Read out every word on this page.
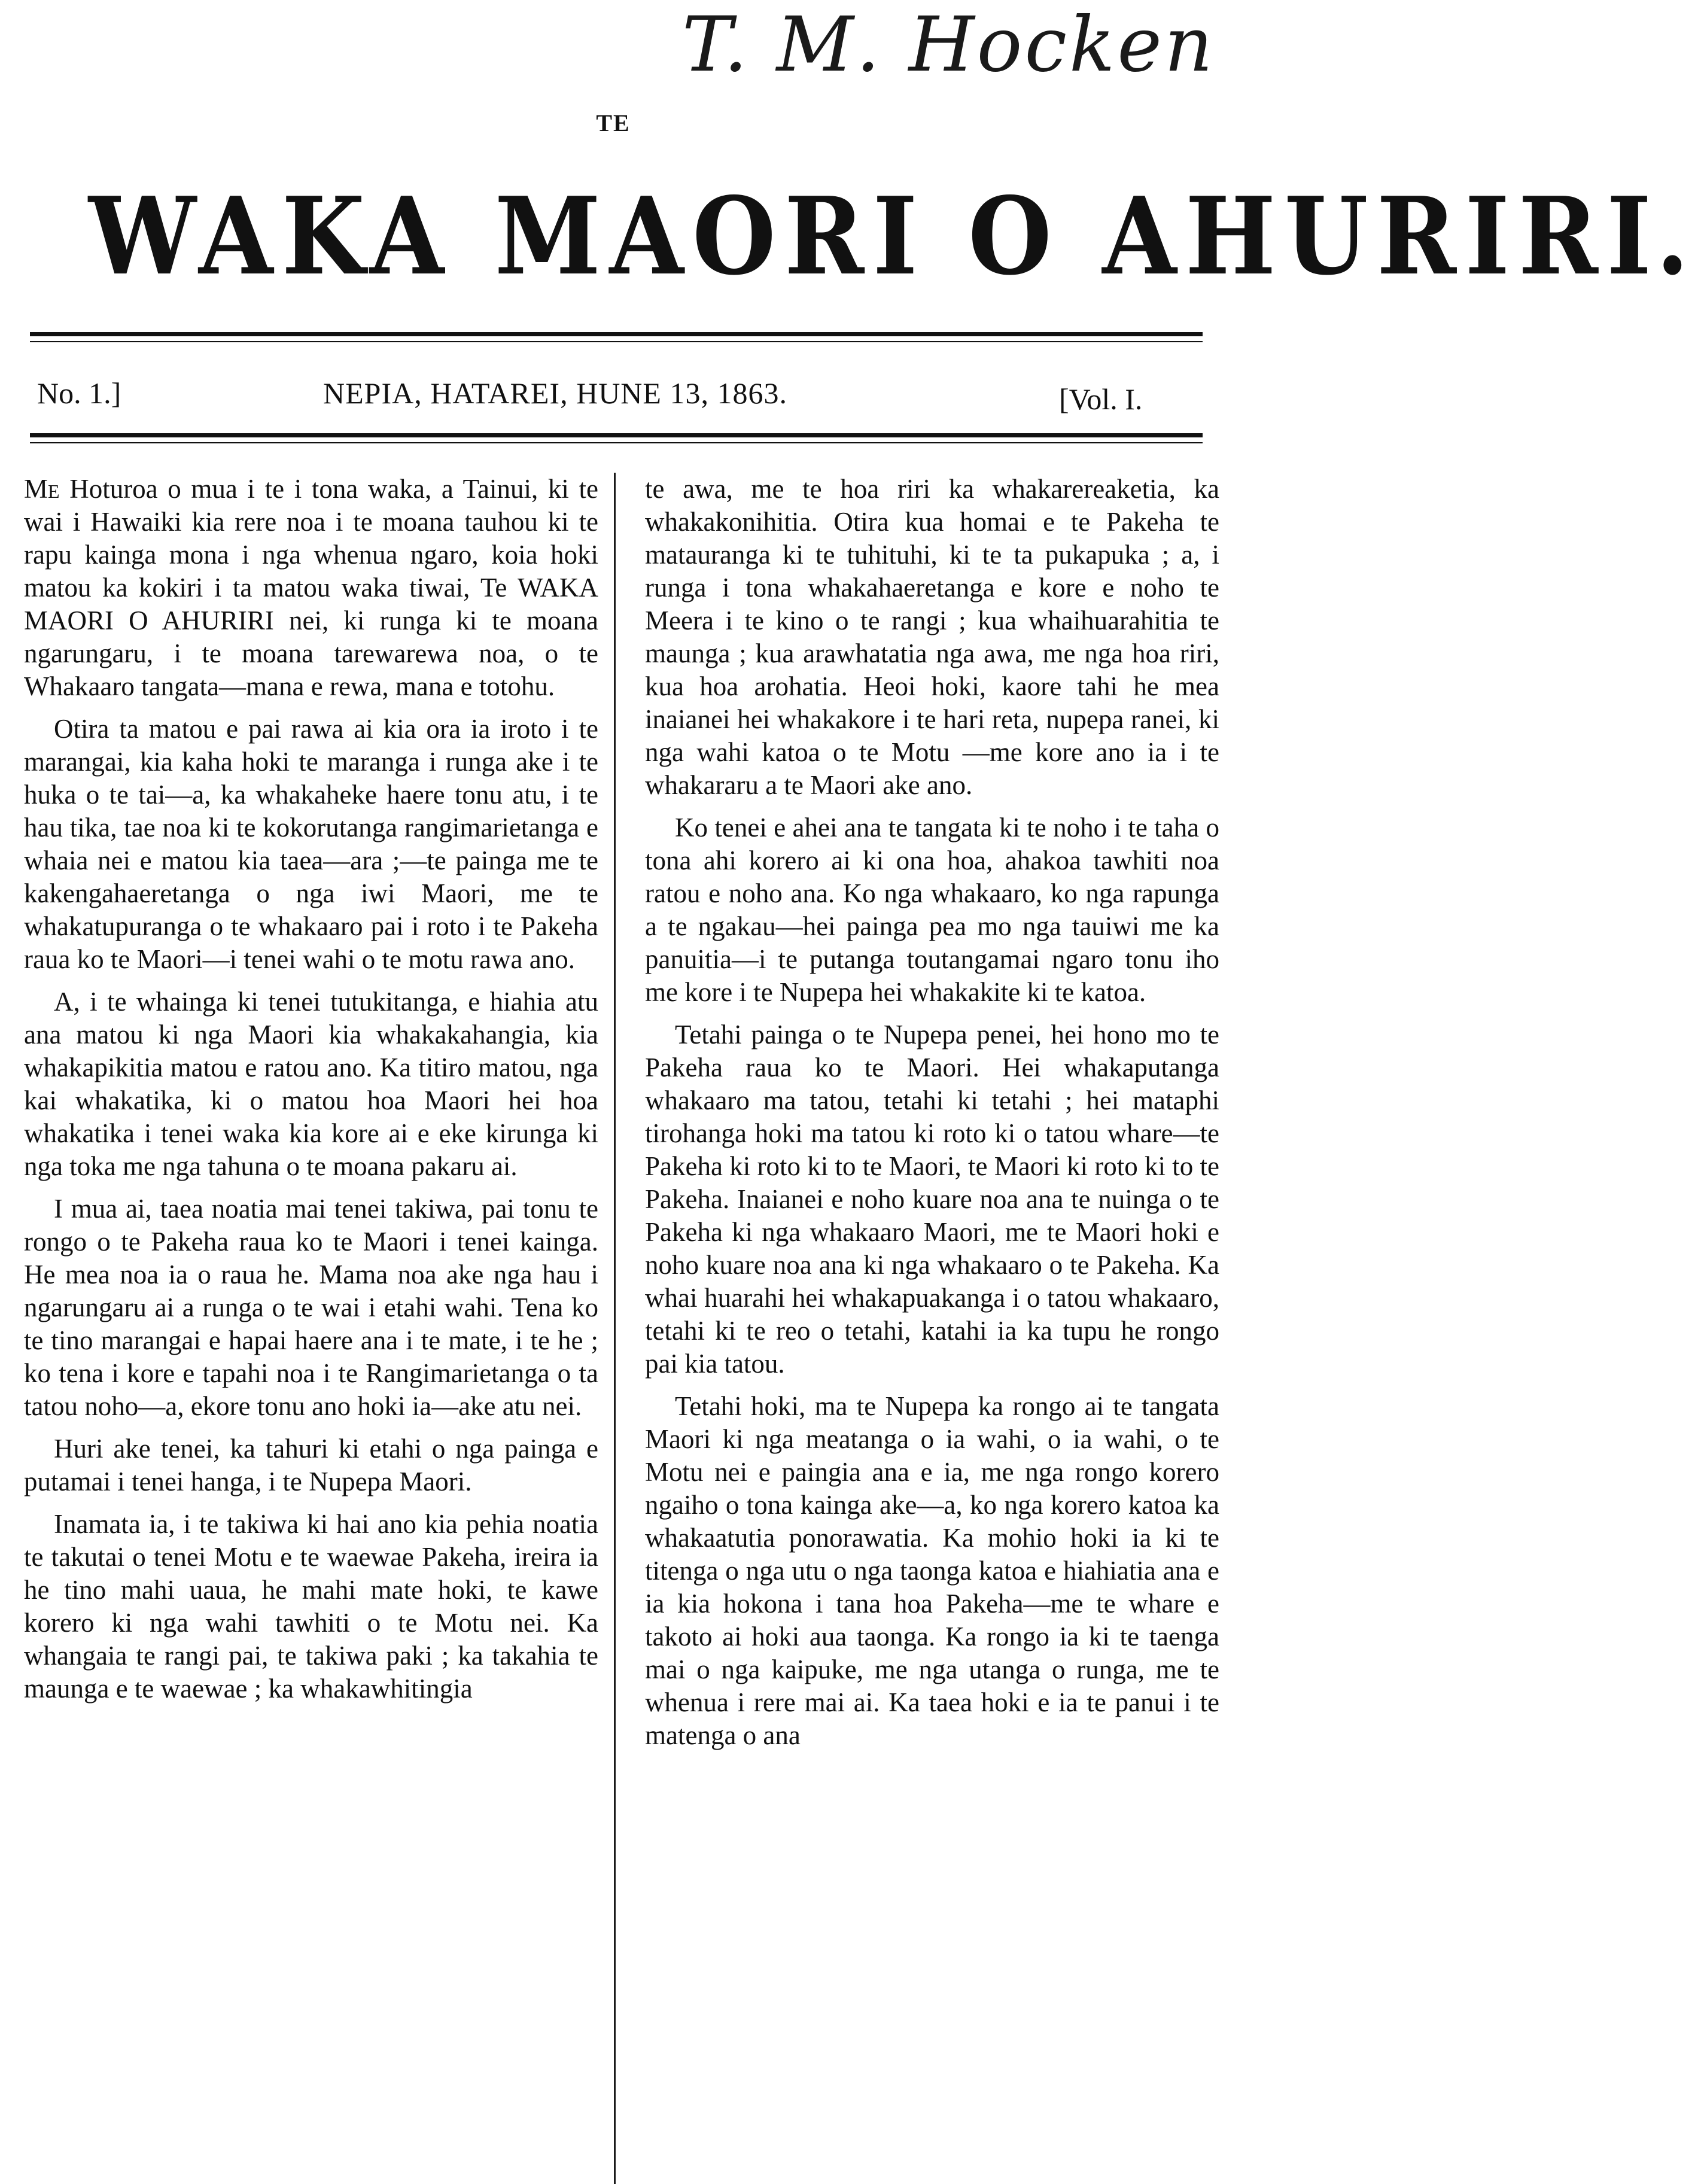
T. M. Hocken
TE
WAKA MAORI O AHURIRI.
No. 1.]	NEPIA, HATAREI, HUNE 13, 1863.	[Vol. I.

Me Hoturoa o mua i te i tona waka, a Tainui, ki te wai i Hawaiki kia rere noa i te moana tauhou ki te rapu kainga mona i nga whenua ngaro, koia hoki matou ka kokiri i ta matou waka tiwai, Te WAKA MAORI O AHURIRI nei, ki runga ki te moana ngarungaru, i te moana tarewarewa noa, o te Whakaaro tangata—mana e rewa, mana e totohu.

Otira ta matou e pai rawa ai kia ora ia iroto i te marangai, kia kaha hoki te maranga i runga ake i te huka o te tai—a, ka whakaheke haere tonu atu, i te hau tika, tae noa ki te kokorutanga rangimarietanga e whaia nei e matou kia taea—ara ;—te painga me te kakengahaeretanga o nga iwi Maori, me te whakatupuranga o te whakaaro pai i roto i te Pakeha raua ko te Maori—i tenei wahi o te motu rawa ano.

A, i te whainga ki tenei tutukitanga, e hiahia atu ana matou ki nga Maori kia whakakahangia, kia whakapikitia matou e ratou ano. Ka titiro matou, nga kai whakatika, ki o matou hoa Maori hei hoa whakatika i tenei waka kia kore ai e eke kirunga ki nga toka me nga tahuna o te moana pakaru ai.

I mua ai, taea noatia mai tenei takiwa, pai tonu te rongo o te Pakeha raua ko te Maori i tenei kainga. He mea noa ia o raua he. Mama noa ake nga hau i ngarungaru ai a runga o te wai i etahi wahi. Tena ko te tino marangai e hapai haere ana i te mate, i te he ; ko tena i kore e tapahi noa i te Rangimarietanga o ta tatou noho—a, ekore tonu ano hoki ia—ake atu nei.

Huri ake tenei, ka tahuri ki etahi o nga painga e putamai i tenei hanga, i te Nupepa Maori.

Inamata ia, i te takiwa ki hai ano kia pehia noatia te takutai o tenei Motu e te waewae Pakeha, ireira ia he tino mahi uaua, he mahi mate hoki, te kawe korero ki nga wahi tawhiti o te Motu nei. Ka whangaia te rangi pai, te takiwa paki ; ka takahia te maunga e te waewae ; ka whakawhitingia

te awa, me te hoa riri ka whakarereaketia, ka whakakonihitia. Otira kua homai e te Pakeha te matauranga ki te tuhituhi, ki te ta pukapuka ; a, i runga i tona whakahaeretanga e kore e noho te Meera i te kino o te rangi ; kua whaihuarahitia te maunga ; kua arawhatatia nga awa, me nga hoa riri, kua hoa arohatia. Heoi hoki, kaore tahi he mea inaianei hei whakakore i te hari reta, nupepa ranei, ki nga wahi katoa o te Motu —me kore ano ia i te whakararu a te Maori ake ano.

Ko tenei e ahei ana te tangata ki te noho i te taha o tona ahi korero ai ki ona hoa, ahakoa tawhiti noa ratou e noho ana. Ko nga whakaaro, ko nga rapunga a te ngakau—hei painga pea mo nga tauiwi me ka panuitia—i te putanga toutangamai ngaro tonu iho me kore i te Nupepa hei whakakite ki te katoa.

Tetahi painga o te Nupepa penei, hei hono mo te Pakeha raua ko te Maori. Hei whakaputanga whakaaro ma tatou, tetahi ki tetahi ; hei mataphi tirohanga hoki ma tatou ki roto ki o tatou whare—te Pakeha ki roto ki to te Maori, te Maori ki roto ki to te Pakeha. Inaianei e noho kuare noa ana te nuinga o te Pakeha ki nga whakaaro Maori, me te Maori hoki e noho kuare noa ana ki nga whakaaro o te Pakeha. Ka whai huarahi hei whakapuakanga i o tatou whakaaro, tetahi ki te reo o tetahi, katahi ia ka tupu he rongo pai kia tatou.

Tetahi hoki, ma te Nupepa ka rongo ai te tangata Maori ki nga meatanga o ia wahi, o ia wahi, o te Motu nei e paingia ana e ia, me nga rongo korero ngaiho o tona kainga ake—a, ko nga korero katoa ka whakaatutia ponorawatia. Ka mohio hoki ia ki te titenga o nga utu o nga taonga katoa e hiahiatia ana e ia kia hokona i tana hoa Pakeha—me te whare e takoto ai hoki aua taonga. Ka rongo ia ki te taenga mai o nga kaipuke, me nga utanga o runga, me te whenua i rere mai ai. Ka taea hoki e ia te panui i te matenga o ana
